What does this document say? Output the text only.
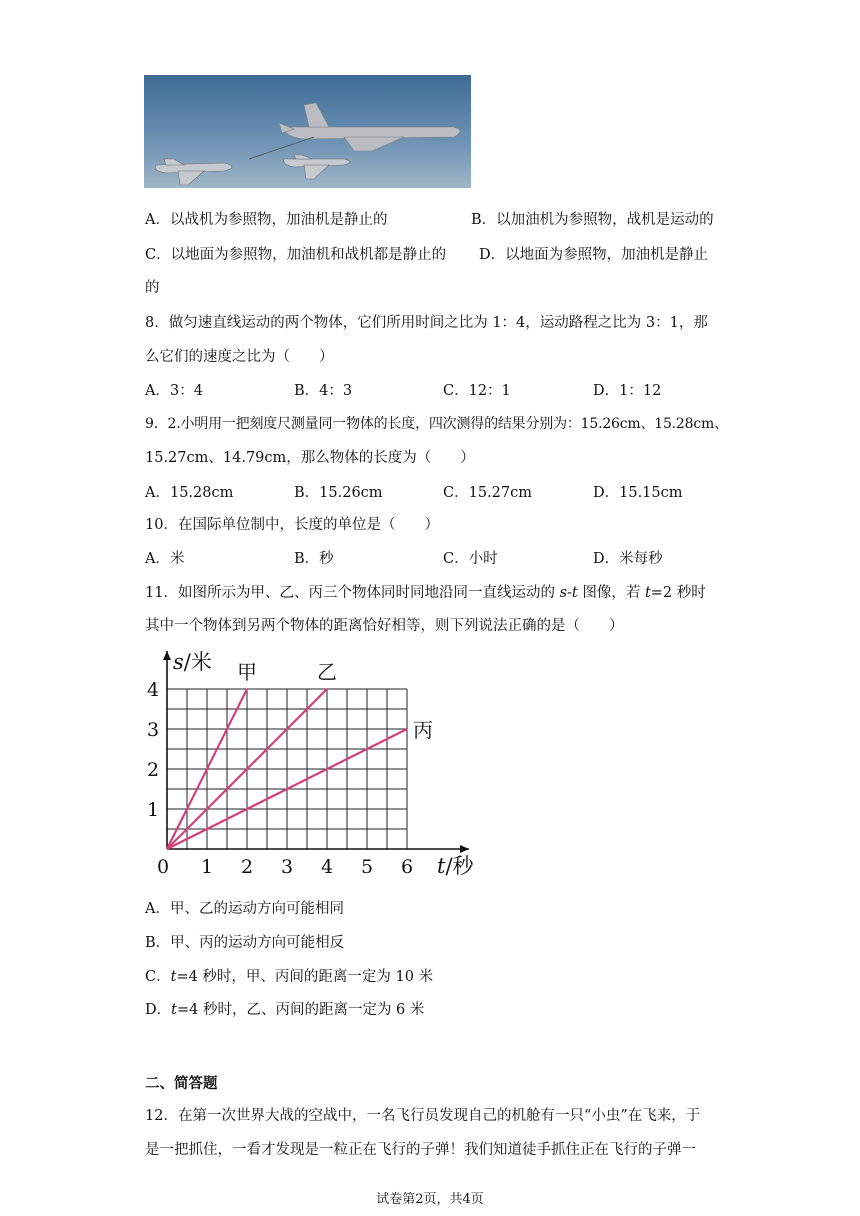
A．以战机为参照物，加油机是静止的	B．以加油机为参照物，战机是运动的
C．以地面为参照物，加油机和战机都是静止的 D．以地面为参照物，加油机是静止
的
8．做匀速直线运动的两个物体，它们所用时间之比为 1：4，运动路程之比为 3：1，那
么它们的速度之比为（　　）
A．3：4	B．4：3	C．12：1	D．1：12
9．2.小明用一把刻度尺测量同一物体的长度，四次测得的结果分别为：15.26cm、15.28cm、
15.27cm、14.79cm，那么物体的长度为（　　）
A．15.28cm	B．15.26cm	C．15.27cm	D．15.15cm
10．在国际单位制中，长度的单位是（　　）
A．米	B．秒	C．小时	D．米每秒
11．如图所示为甲、乙、丙三个物体同时同地沿同一直线运动的 s-t 图像，若 t=2 秒时
其中一个物体到另两个物体的距离恰好相等，则下列说法正确的是（　　）
0 1 2 3 4 5 6
1
2
3
4
s/米
t/秒
甲	乙
丙
A．甲、乙的运动方向可能相同
B．甲、丙的运动方向可能相反
C．t=4 秒时，甲、丙间的距离一定为 10 米
D．t=4 秒时，乙、丙间的距离一定为 6 米
二、简答题
12．在第一次世界大战的空战中，一名飞行员发现自己的机舱有一只“小虫”在飞来，于
是一把抓住，一看才发现是一粒正在飞行的子弹！我们知道徒手抓住正在飞行的子弹一
试卷第2页，共4页
